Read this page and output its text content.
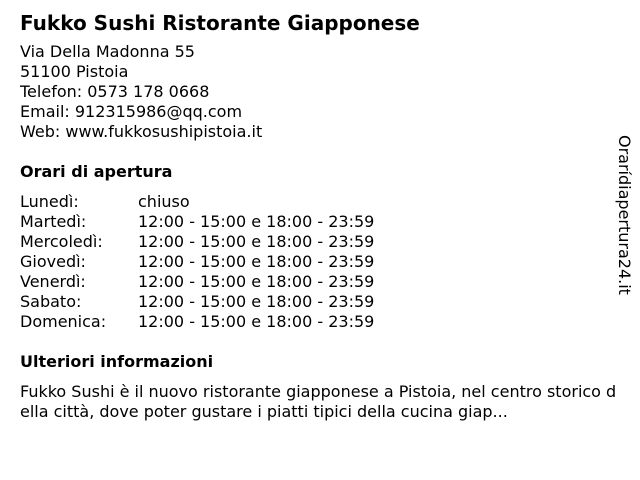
Fukko Sushi Ristorante Giapponese
Via Della Madonna 55
51100 Pistoia
Telefon: 0573 178 0668
Email: 912315986@qq.com
Web: www.fukkosushipistoia.it
Orari di apertura
Lunedì:	chiuso
Martedì:	12:00 - 15:00 e 18:00 - 23:59
Mercoledì:	12:00 - 15:00 e 18:00 - 23:59
Giovedì:	12:00 - 15:00 e 18:00 - 23:59
Venerdì:	12:00 - 15:00 e 18:00 - 23:59
Sabato:	12:00 - 15:00 e 18:00 - 23:59
Domenica:	12:00 - 15:00 e 18:00 - 23:59
Ulteriori informazioni
Fukko Sushi è il nuovo ristorante giapponese a Pistoia, nel centro storico della città, dove poter gustare i piatti tipici della cucina giap...
Orarídiapertura24.it
